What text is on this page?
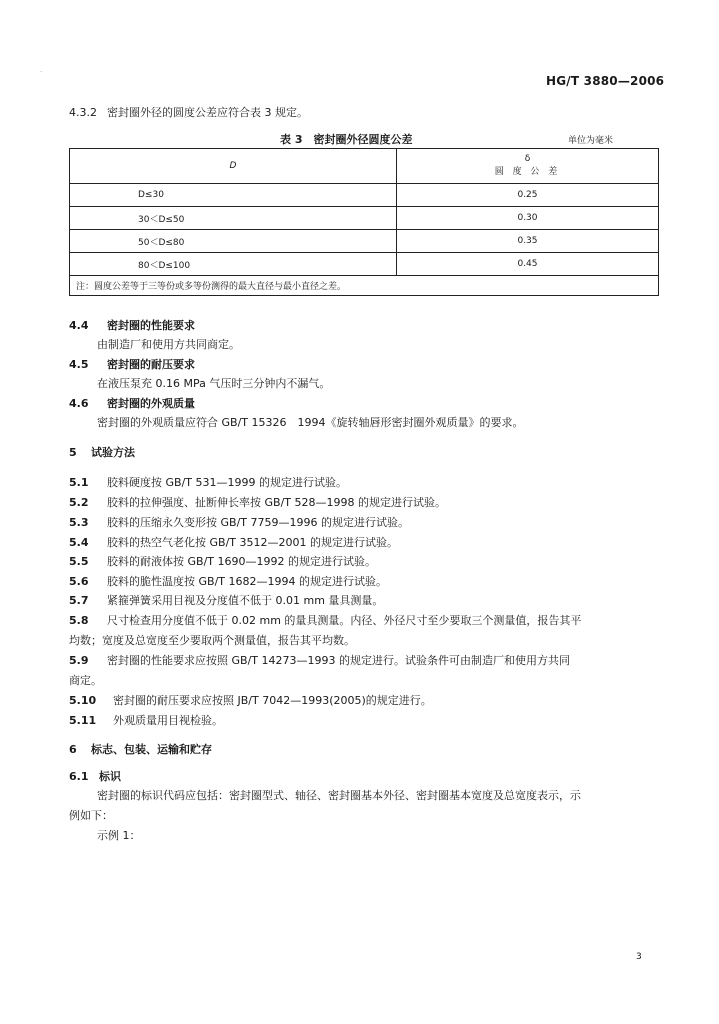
.
HG/T 3880—2006
4.3.2 密封圈外径的圆度公差应符合表 3 规定。
表 3　密封圈外径圆度公差	单位为毫米
D	δ
圆 度 公 差

D≤30	0.25
30＜D≤50	0.30
50＜D≤80	0.35
80＜D≤100	0.45
注：圆度公差等于三等份或多等份测得的最大直径与最小直径之差。	
4.4 密封圈的性能要求
由制造厂和使用方共同商定。
4.5 密封圈的耐压要求
在液压泵充 0.16 MPa 气压时三分钟内不漏气。
4.6 密封圈的外观质量
密封圈的外观质量应符合 GB/T 15326　1994《旋转轴唇形密封圈外观质量》的要求。
5 试验方法
5.1 胶料硬度按 GB/T 531—1999 的规定进行试验。
5.2 胶料的拉伸强度、扯断伸长率按 GB/T 528—1998 的规定进行试验。
5.3 胶料的压缩永久变形按 GB/T 7759—1996 的规定进行试验。
5.4 胶料的热空气老化按 GB/T 3512—2001 的规定进行试验。
5.5 胶料的耐液体按 GB/T 1690—1992 的规定进行试验。
5.6 胶料的脆性温度按 GB/T 1682—1994 的规定进行试验。
5.7 紧箍弹簧采用目视及分度值不低于 0.01 mm 量具测量。
5.8 尺寸检查用分度值不低于 0.02 mm 的量具测量。内径、外径尺寸至少要取三个测量值，报告其平
均数；宽度及总宽度至少要取两个测量值，报告其平均数。
5.9 密封圈的性能要求应按照 GB/T 14273—1993 的规定进行。试验条件可由制造厂和使用方共同
商定。
5.10 密封圈的耐压要求应按照 JB/T 7042—1993(2005)的规定进行。
5.11 外观质量用目视检验。
6 标志、包装、运输和贮存
6.1 标识
密封圈的标识代码应包括：密封圈型式、轴径、密封圈基本外径、密封圈基本宽度及总宽度表示，示
例如下：
示例 1：
3
